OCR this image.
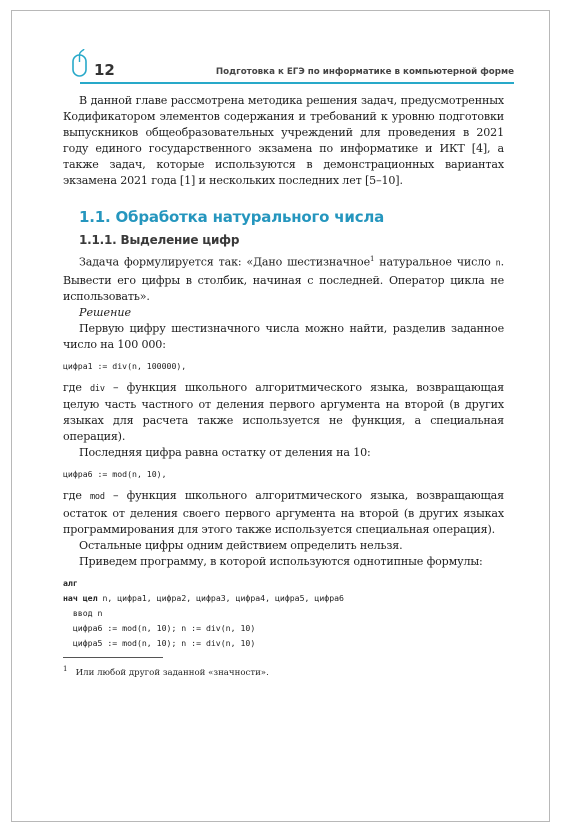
12	Подготовка к ЕГЭ по информатике в компьютерной форме

В данной главе рассмотрена методика решения задач, предусмотренных Кодификатором элементов содержания и требований к уровню подготовки выпускников общеобразовательных учреждений для проведения в 2021 году единого государственного экзамена по информатике и ИКТ [4], а также задач, которые используются в демонстрационных вариантах экзамена 2021 года [1] и нескольких последних лет [5–10].

1.1. Обработка натурального числа
1.1.1. Выделение цифр

Задача формулируется так: «Дано шестизначное$^1$ натуральное число n. Вывести его цифры в столбик, начиная с последней. Оператор цикла не использовать».

Решение

Первую цифру шестизначного числа можно найти, разделив заданное число на 100 000:

цифра1 := div(n, 100000),

где div – функция школьного алгоритмического языка, возвращающая целую часть частного от деления первого аргумента на второй (в других языках для расчета также используется не функция, а специальная операция).

Последняя цифра равна остатку от деления на 10:

цифра6 := mod(n, 10),

где mod – функция школьного алгоритмического языка, возвращающая остаток от деления своего первого аргумента на второй (в других языках программирования для этого также используется специальная операция).

Остальные цифры одним действием определить нельзя.

Приведем программу, в которой используются однотипные формулы:

алг
нач цел n, цифра1, цифра2, цифра3, цифра4, цифра5, цифра6
ввод n
цифра6 := mod(n, 10); n := div(n, 10)
цифра5 := mod(n, 10); n := div(n, 10)

$^1$ Или любой другой заданной «значности».
